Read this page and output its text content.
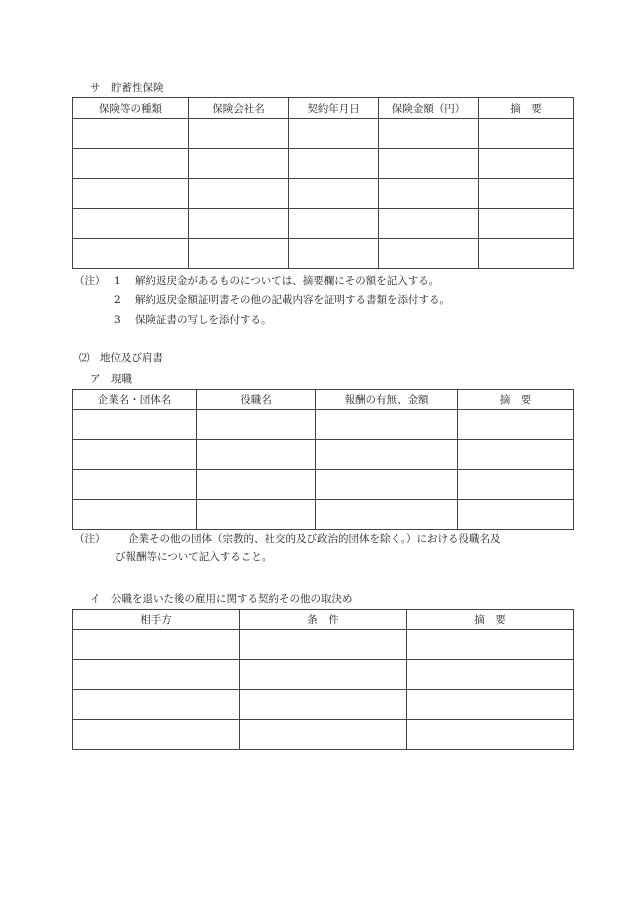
サ　貯蓄性保険
保険等の種類	保険会社名	契約年月日	保険金額（円）	摘　要

（注） 1 解約返戻金があるものについては、摘要欄にその額を記入する。
2 解約返戻金額証明書その他の記載内容を証明する書類を添付する。
3 保険証書の写しを添付する。
⑵　地位及び肩書
ア　現職
企業名・団体名	役職名	報酬の有無、金額	摘　要

（注） 企業その他の団体（宗教的、社交的及び政治的団体を除く。）における役職名及
び報酬等について記入すること。
イ　公職を退いた後の雇用に関する契約その他の取決め
相手方	条　件	摘　要
